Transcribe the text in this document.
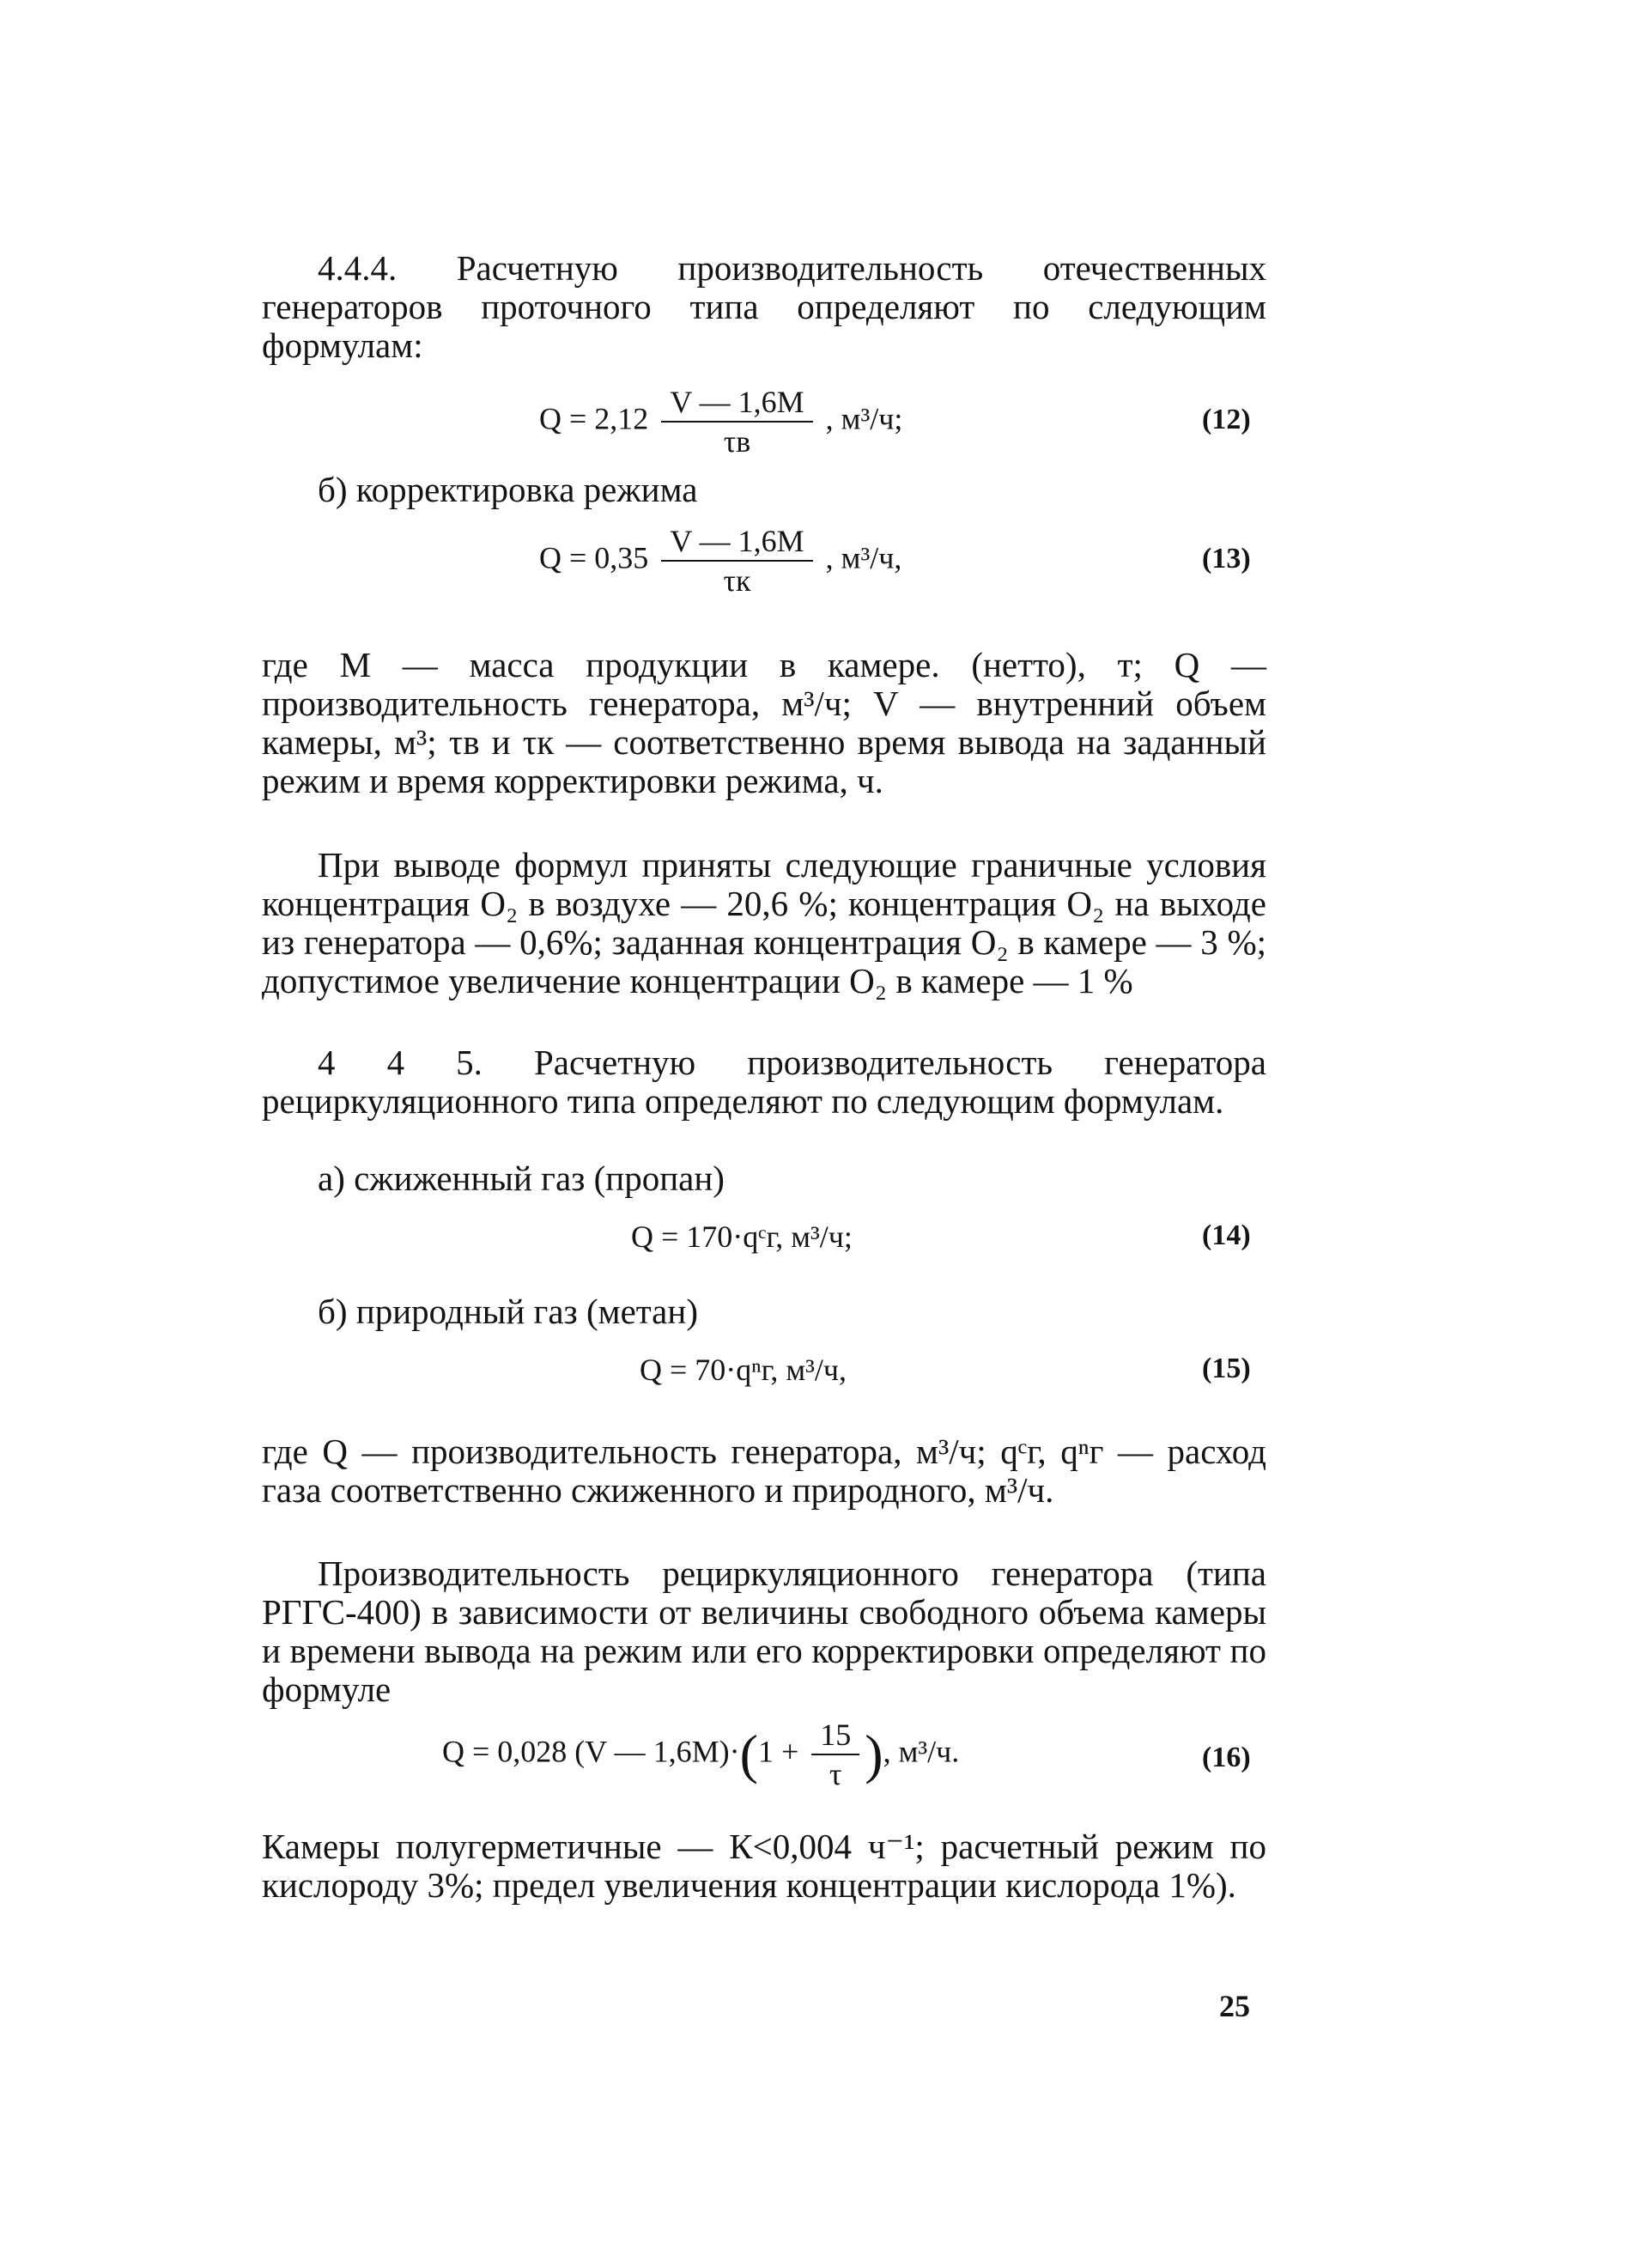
4.4.4. Расчетную производительность отечественных генераторов проточного типа определяют по следующим формулам:

$Q = 2,12 \frac{V — 1,6M}{\tau в}$ , м³/ч;	(12)

б) корректировка режима

$Q = 0,35 \frac{V — 1,6M}{\tau к}$ , м³/ч,	(13)

где М — масса продукции в камере. (нетто), т; Q — производительность генератора, м³/ч; V — внутренний объем камеры, м³; τв и τк — соответственно время вывода на заданный режим и время корректировки режима, ч.

При выводе формул приняты следующие граничные условия концентрация О₂ в воздухе — 20,6 %; концентрация О₂ на выходе из генератора — 0,6%; заданная концентрация О₂ в камере — 3 %; допустимое увеличение концентрации О₂ в камере — 1 %

4 4 5. Расчетную производительность генератора рециркуляционного типа определяют по следующим формулам.

а) сжиженный газ (пропан)

Q = 170·qᶜг, м³/ч;	(14)

б) природный газ (метан)

Q = 70·qⁿг, м³/ч,	(15)

где Q — производительность генератора, м³/ч; qᶜг, qⁿг — расход газа соответственно сжиженного и природного, м³/ч.

Производительность рециркуляционного генератора (типа РГГС-400) в зависимости от величины свободного объема камеры и времени вывода на режим или его корректировки определяют по формуле

Q = 0,028 (V — $1,6M)\cdot(1 + \frac{15}{\tau}$ ), м³/ч.	(16)

Камеры полугерметичные — К<0,004 ч⁻¹; расчетный режим по кислороду 3%; предел увеличения концентрации кислорода 1%).

25
